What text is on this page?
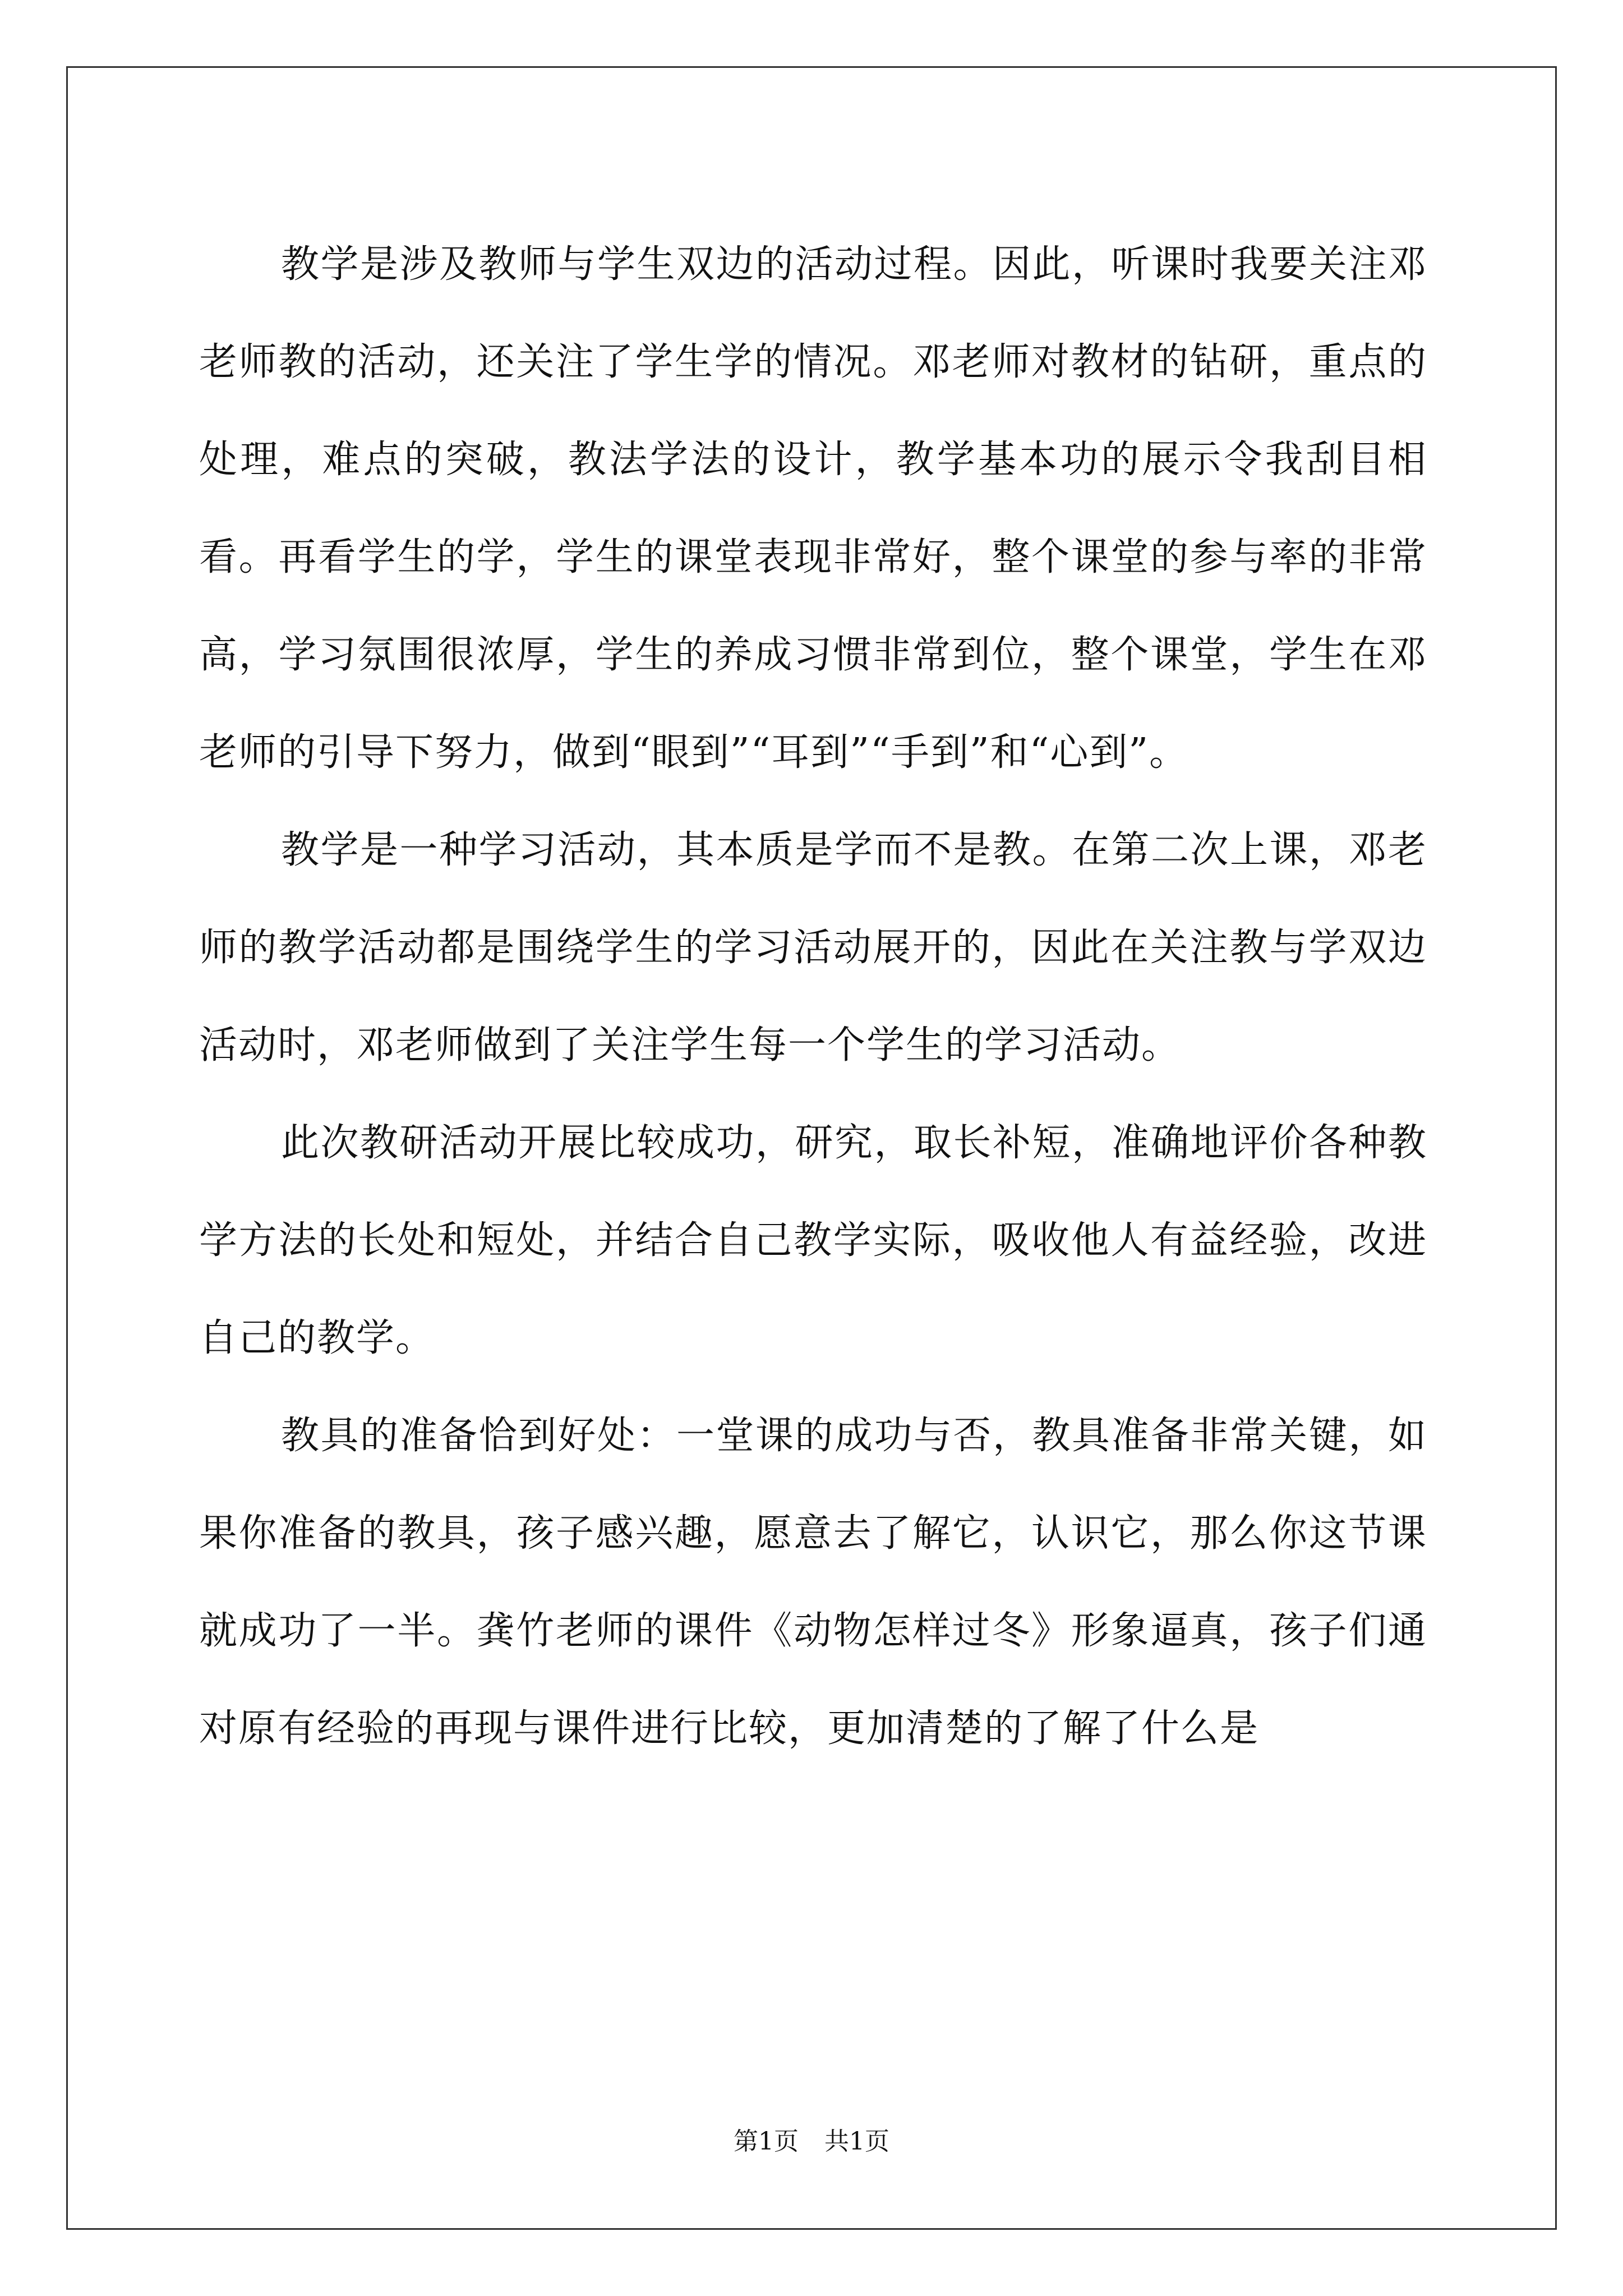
教学是涉及教师与学生双边的活动过程。因此，听课时我要关注邓老师教的活动，还关注了学生学的情况。邓老师对教材的钻研，重点的处理，难点的突破，教法学法的设计，教学基本功的展示令我刮目相看。再看学生的学，学生的课堂表现非常好，整个课堂的参与率的非常高，学习氛围很浓厚，学生的养成习惯非常到位，整个课堂，学生在邓老师的引导下努力，做到“眼到”“耳到”“手到”和“心到”。

教学是一种学习活动，其本质是学而不是教。在第二次上课，邓老师的教学活动都是围绕学生的学习活动展开的，因此在关注教与学双边活动时，邓老师做到了关注学生每一个学生的学习活动。

此次教研活动开展比较成功，研究，取长补短，准确地评价各种教学方法的长处和短处，并结合自己教学实际，吸收他人有益经验，改进自己的教学。

教具的准备恰到好处：一堂课的成功与否，教具准备非常关键，如果你准备的教具，孩子感兴趣，愿意去了解它，认识它，那么你这节课就成功了一半。龚竹老师的课件《动物怎样过冬》形象逼真，孩子们通对原有经验的再现与课件进行比较，更加清楚的了解了什么是

第1页 共1页
